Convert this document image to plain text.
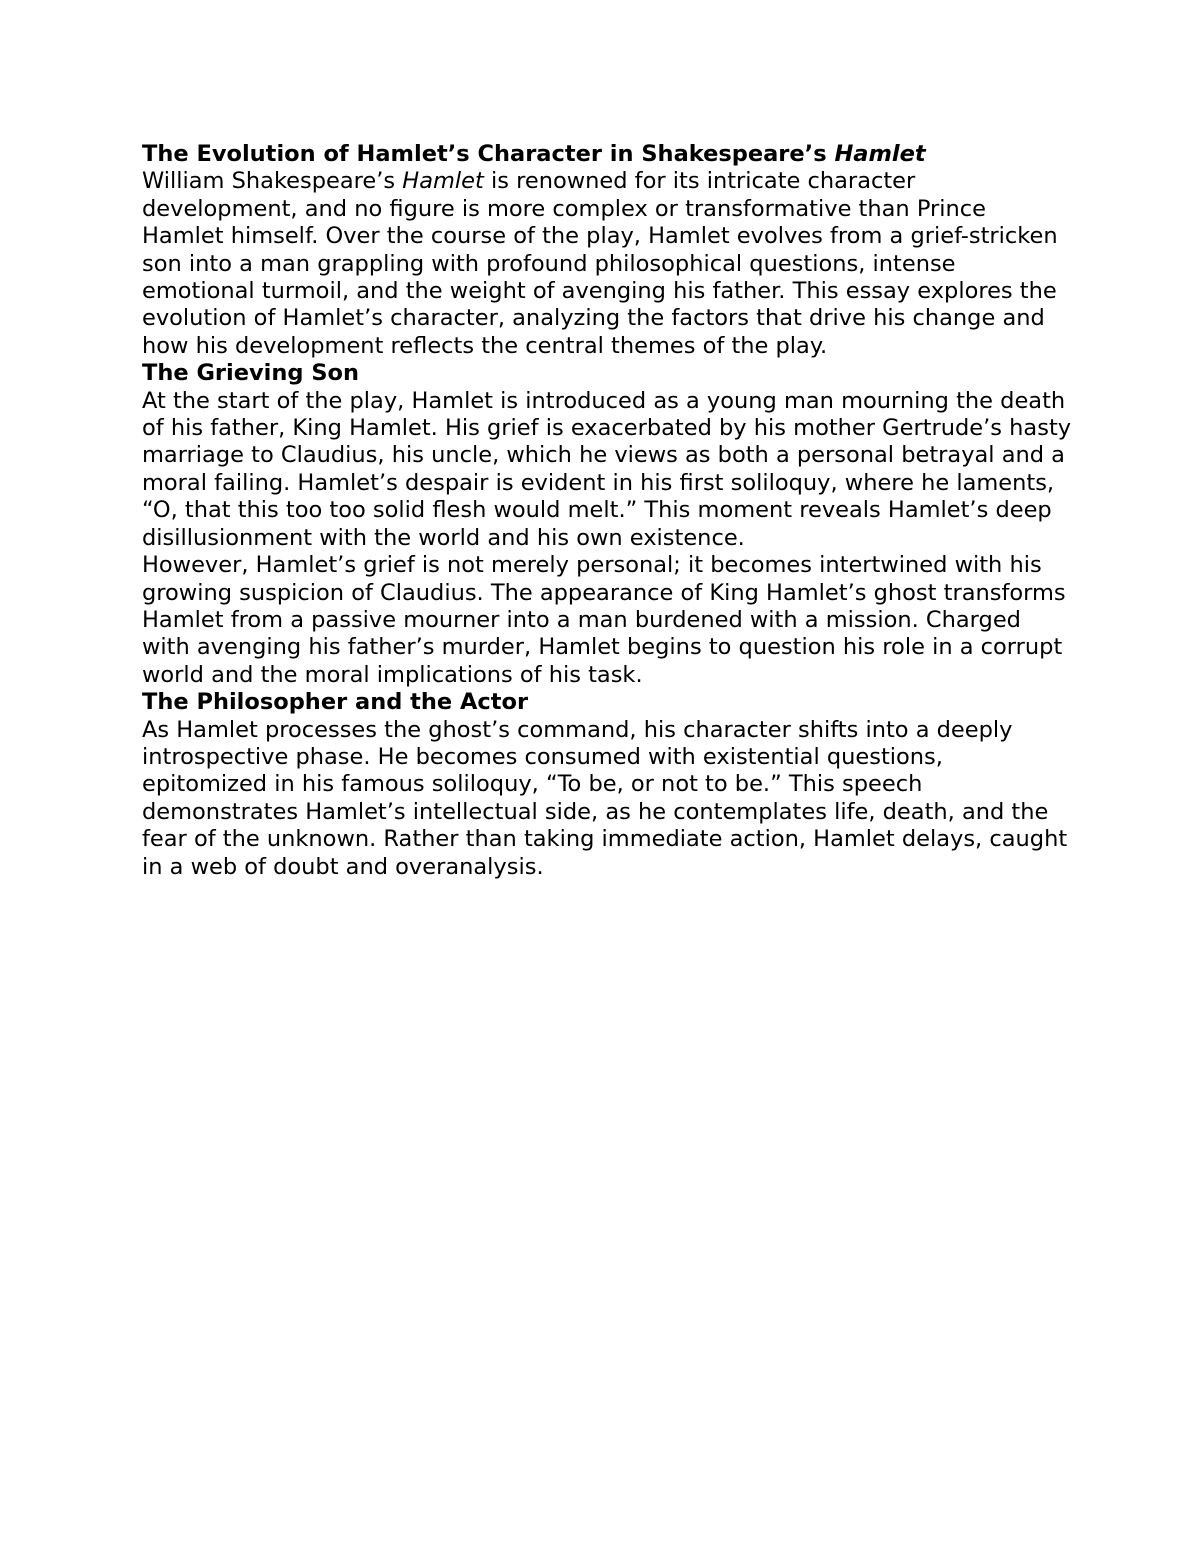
The Evolution of Hamlet’s Character in Shakespeare’s Hamlet

William Shakespeare’s Hamlet is renowned for its intricate character development, and no figure is more complex or transformative than Prince Hamlet himself. Over the course of the play, Hamlet evolves from a grief-stricken son into a man grappling with profound philosophical questions, intense emotional turmoil, and the weight of avenging his father. This essay explores the evolution of Hamlet’s character, analyzing the factors that drive his change and how his development reflects the central themes of the play.

The Grieving Son

At the start of the play, Hamlet is introduced as a young man mourning the death of his father, King Hamlet. His grief is exacerbated by his mother Gertrude’s hasty marriage to Claudius, his uncle, which he views as both a personal betrayal and a moral failing. Hamlet’s despair is evident in his first soliloquy, where he laments, “O, that this too too solid flesh would melt.” This moment reveals Hamlet’s deep disillusionment with the world and his own existence.

However, Hamlet’s grief is not merely personal; it becomes intertwined with his growing suspicion of Claudius. The appearance of King Hamlet’s ghost transforms Hamlet from a passive mourner into a man burdened with a mission. Charged with avenging his father’s murder, Hamlet begins to question his role in a corrupt world and the moral implications of his task.

The Philosopher and the Actor

As Hamlet processes the ghost’s command, his character shifts into a deeply introspective phase. He becomes consumed with existential questions, epitomized in his famous soliloquy, “To be, or not to be.” This speech demonstrates Hamlet’s intellectual side, as he contemplates life, death, and the fear of the unknown. Rather than taking immediate action, Hamlet delays, caught in a web of doubt and overanalysis.
